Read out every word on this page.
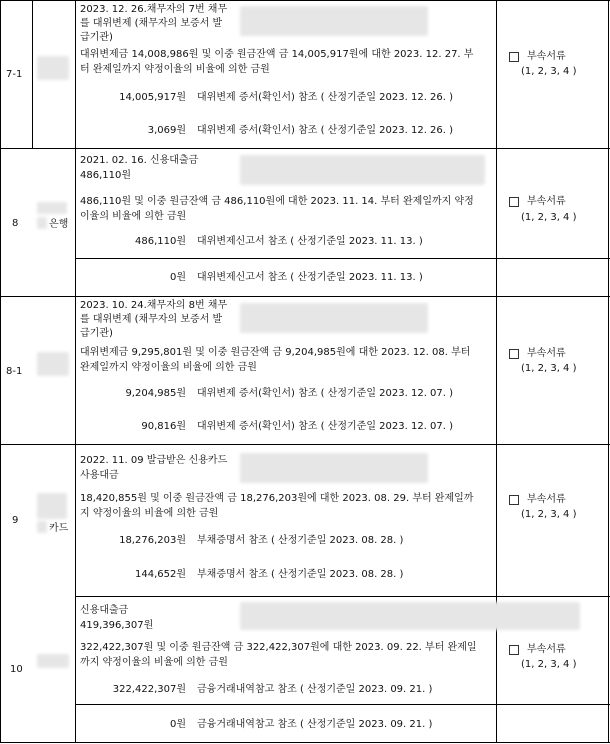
7-1
2023. 12. 26.채무자의 7번 채무
를 대위변제 (채무자의 보증서 발
급기관)
대위변제금 14,008,986원 및 이중 원금잔액 금 14,005,917원에 대한 2023. 12. 27. 부
터 완제일까지 약정이율의 비율에 의한 금원
부속서류
(1, 2, 3, 4 )
14,005,917원 대위변제 증서(확인서) 참조 ( 산정기준일 2023. 12. 26. )
3,069원 대위변제 증서(확인서) 참조 ( 산정기준일 2023. 12. 26. )
8	은행
2021. 02. 16. 신용대출금
486,110원
486,110원 및 이중 원금잔액 금 486,110원에 대한 2023. 11. 14. 부터 완제일까지 약정
이율의 비율에 의한 금원
부속서류
(1, 2, 3, 4 )
486,110원 대위변제신고서 참조 ( 산정기준일 2023. 11. 13. )
0원 대위변제신고서 참조 ( 산정기준일 2023. 11. 13. )
8-1
2023. 10. 24.채무자의 8번 채무
를 대위변제 (채무자의 보증서 발
급기관)
대위변제금 9,295,801원 및 이중 원금잔액 금 9,204,985원에 대한 2023. 12. 08. 부터
완제일까지 약정이율의 비율에 의한 금원
부속서류
(1, 2, 3, 4 )
9,204,985원 대위변제 증서(확인서) 참조 ( 산정기준일 2023. 12. 07. )
90,816원 대위변제 증서(확인서) 참조 ( 산정기준일 2023. 12. 07. )
9
카드
2022. 11. 09 발급받은 신용카드
사용대금
18,420,855원 및 이중 원금잔액 금 18,276,203원에 대한 2023. 08. 29. 부터 완제일까
지 약정이율의 비율에 의한 금원
부속서류
(1, 2, 3, 4 )
18,276,203원 부채증명서 참조 ( 산정기준일 2023. 08. 28. )
144,652원 부채증명서 참조 ( 산정기준일 2023. 08. 28. )
10
신용대출금
419,396,307원
322,422,307원 및 이중 원금잔액 금 322,422,307원에 대한 2023. 09. 22. 부터 완제일
까지 약정이율의 비율에 의한 금원
부속서류
(1, 2, 3, 4 )
322,422,307원 금융거래내역참고 참조 ( 산정기준일 2023. 09. 21. )
0원 금융거래내역참고 참조 ( 산정기준일 2023. 09. 21. )
